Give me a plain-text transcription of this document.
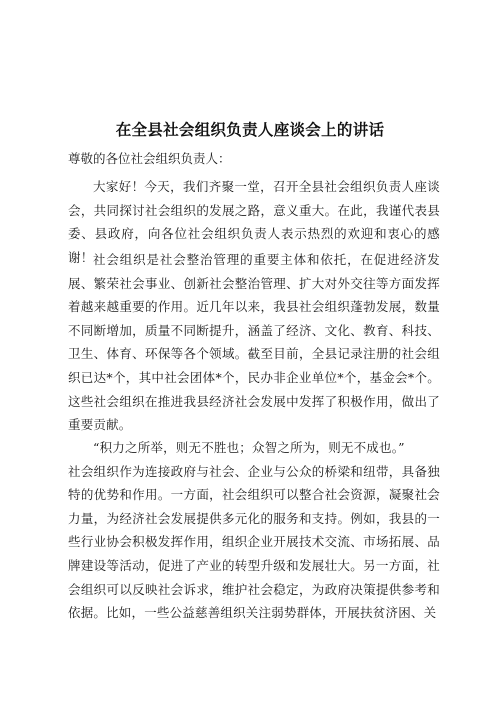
在全县社会组织负责人座谈会上的讲话
尊敬的各位社会组织负责人：

大家好！今天，我们齐聚一堂，召开全县社会组织负责人座谈会，共同探讨社会组织的发展之路，意义重大。在此，我谨代表县委、县政府，向各位社会组织负责人表示热烈的欢迎和衷心的感谢！ 社会组织是社会整治管理的重要主体和依托，在促进经济发展、繁荣社会事业、创新社会整治管理、扩大对外交往等方面发挥着越来越重要的作用。近几年以来，我县社会组织蓬勃发展，数量不同断增加，质量不同断提升，涵盖了经济、文化、教育、科技、卫生、体育、环保等各个领域。截至目前，全县记录注册的社会组织已达*个，其中社会团体*个，民办非企业单位*个，基金会*个。这些社会组织在推进我县经济社会发展中发挥了积极作用，做出了重要贡献。

“积力之所举，则无不胜也；众智之所为，则无不成也。”
社会组织作为连接政府与社会、企业与公众的桥梁和纽带，具备独特的优势和作用。一方面，社会组织可以整合社会资源，凝聚社会力量，为经济社会发展提供多元化的服务和支持。例如，我县的一些行业协会积极发挥作用，组织企业开展技术交流、市场拓展、品牌建设等活动，促进了产业的转型升级和发展壮大。另一方面，社会组织可以反映社会诉求，维护社会稳定，为政府决策提供参考和依据。比如，一些公益慈善组织关注弱势群体，开展扶贫济困、关
